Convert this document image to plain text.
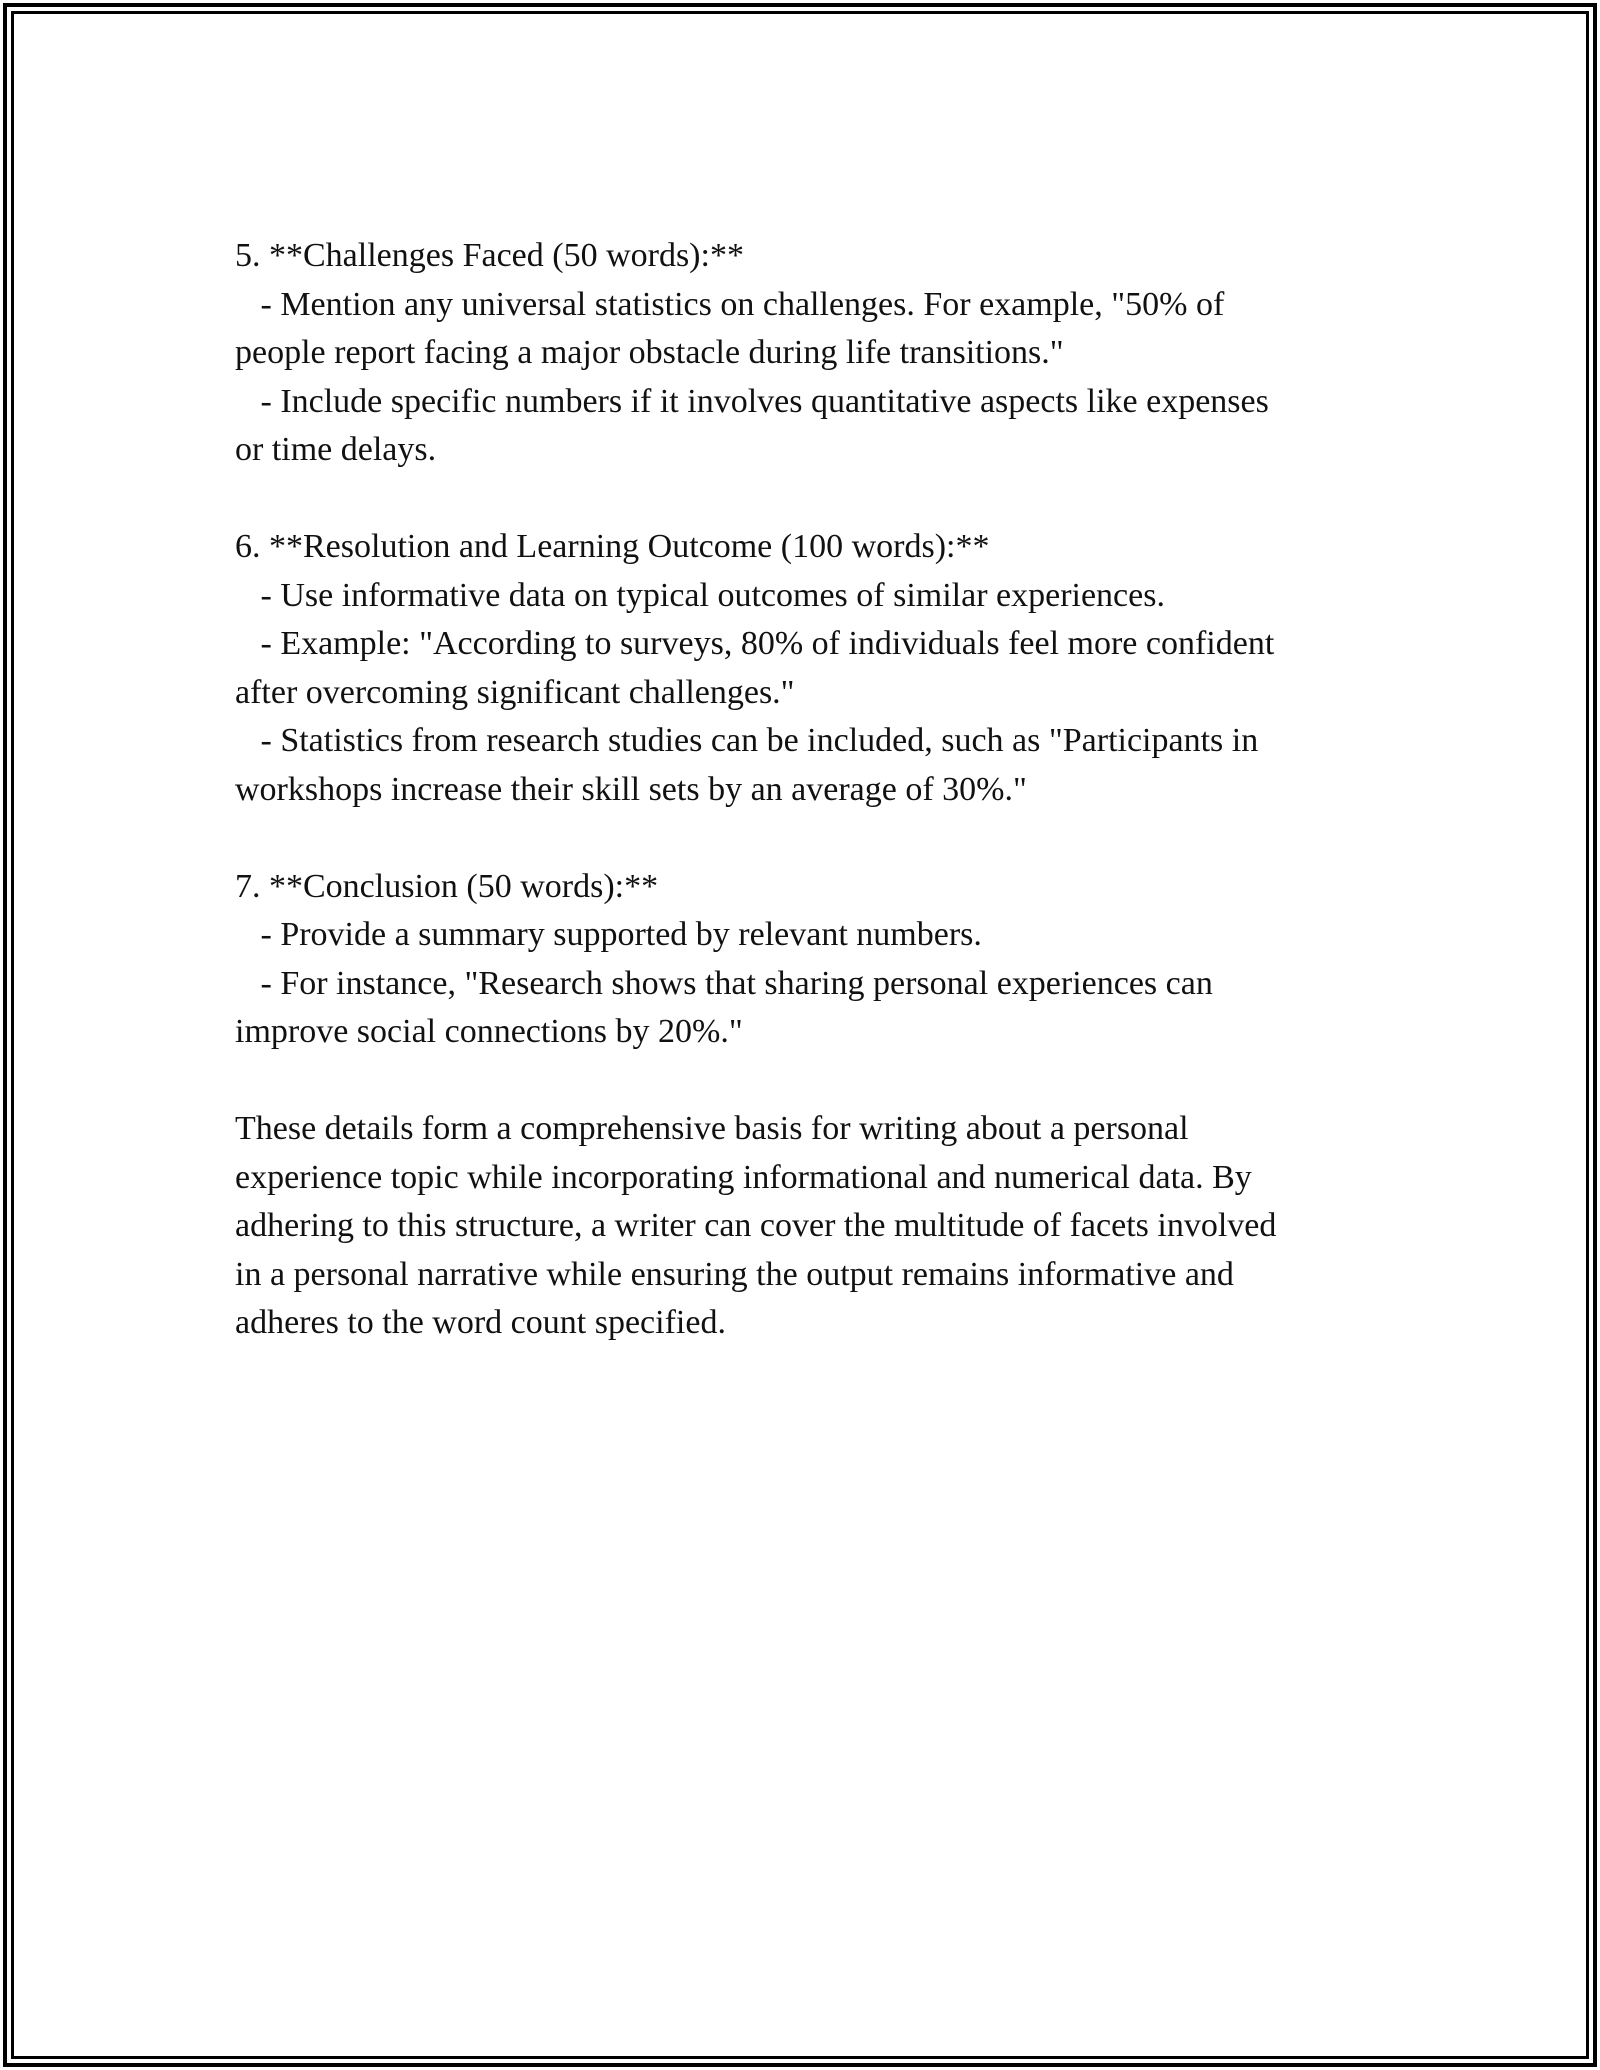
5. **Challenges Faced (50 words):**
- Mention any universal statistics on challenges. For example, "50% of
people report facing a major obstacle during life transitions."
- Include specific numbers if it involves quantitative aspects like expenses
or time delays.
6. **Resolution and Learning Outcome (100 words):**
- Use informative data on typical outcomes of similar experiences.
- Example: "According to surveys, 80% of individuals feel more confident
after overcoming significant challenges."
- Statistics from research studies can be included, such as "Participants in
workshops increase their skill sets by an average of 30%."
7. **Conclusion (50 words):**
- Provide a summary supported by relevant numbers.
- For instance, "Research shows that sharing personal experiences can
improve social connections by 20%."
These details form a comprehensive basis for writing about a personal
experience topic while incorporating informational and numerical data. By
adhering to this structure, a writer can cover the multitude of facets involved
in a personal narrative while ensuring the output remains informative and
adheres to the word count specified.
